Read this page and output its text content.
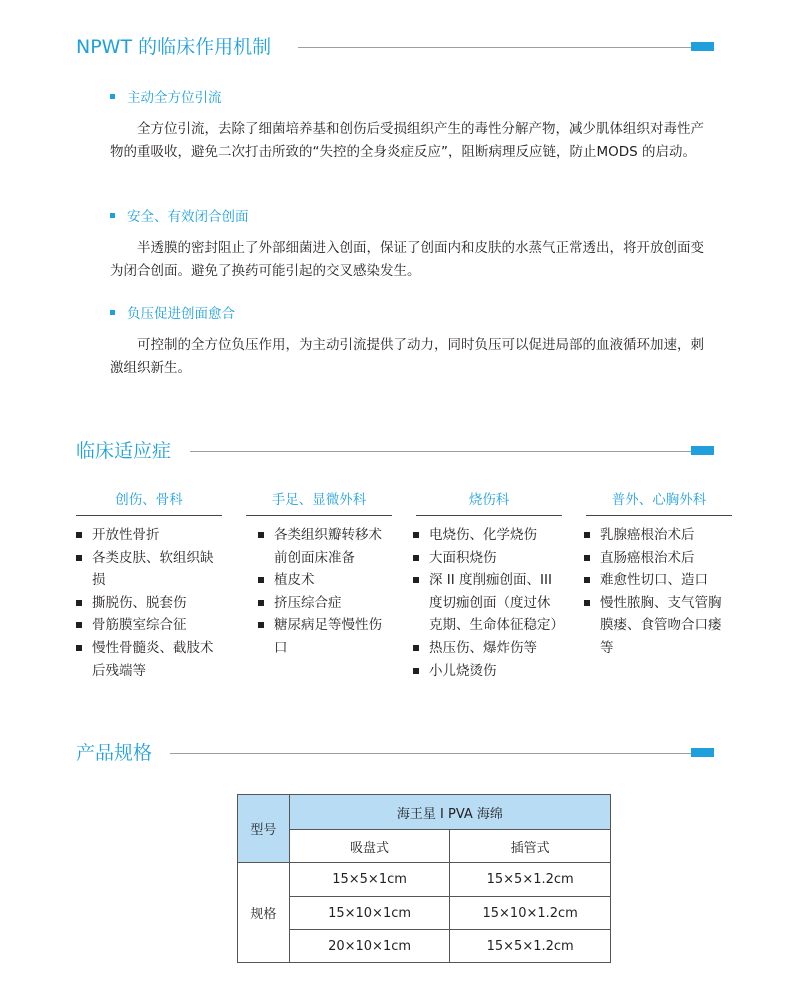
NPWT 的临床作用机制
主动全方位引流
全方位引流，去除了细菌培养基和创伤后受损组织产生的毒性分解产物，减少肌体组织对毒性产物的重吸收，避免二次打击所致的“失控的全身炎症反应”，阻断病理反应链，防止MODS 的启动。
安全、有效闭合创面
半透膜的密封阻止了外部细菌进入创面，保证了创面内和皮肤的水蒸气正常透出，将开放创面变为闭合创面。避免了换药可能引起的交叉感染发生。
负压促进创面愈合
可控制的全方位负压作用，为主动引流提供了动力，同时负压可以促进局部的血液循环加速，刺激组织新生。
临床适应症
创伤、骨科	手足、显微外科	烧伤科	普外、心胸外科
开放性骨折
各类皮肤、软组织缺损
撕脱伤、脱套伤
骨筋膜室综合征
慢性骨髓炎、截肢术后残端等
各类组织瓣转移术前创面床准备
植皮术
挤压综合症
糖尿病足等慢性伤口
电烧伤、化学烧伤
大面积烧伤
深 II 度削痂创面、III 度切痂创面（度过休克期、生命体征稳定）
热压伤、爆炸伤等
小儿烧烫伤
乳腺癌根治术后
直肠癌根治术后
难愈性切口、造口
慢性脓胸、支气管胸膜瘘、食管吻合口瘘等
产品规格
型号	海王星 I PVA 海绵	
	吸盘式	插管式
规格	15×5×1cm	15×5×1.2cm
	15×10×1cm	15×10×1.2cm
	20×10×1cm	15×5×1.2cm
